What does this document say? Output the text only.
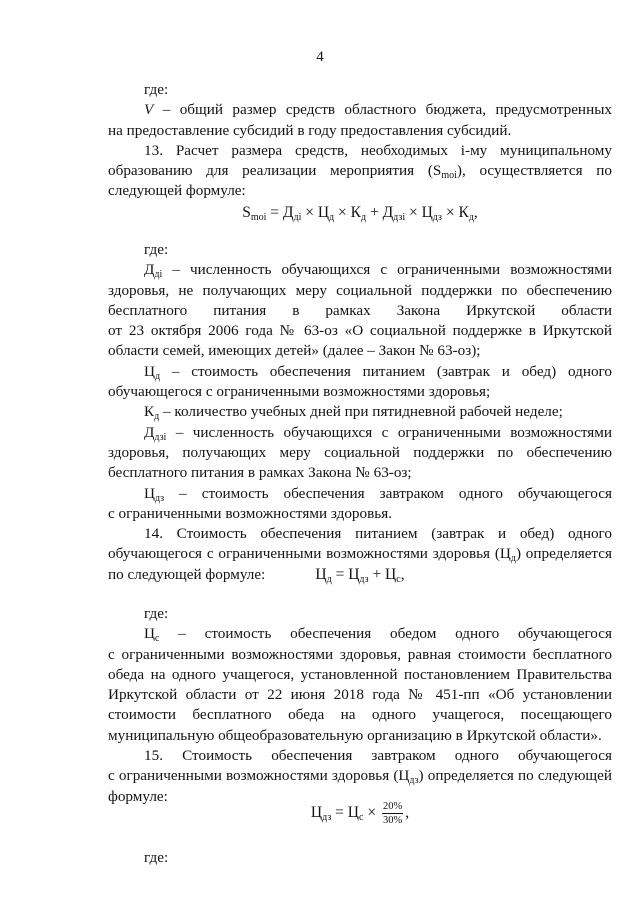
4

где:

V – общий размер средств областного бюджета, предусмотренных

на предоставление субсидий в году предоставления субсидий.

13. Расчет размера средств, необходимых i-му муниципальному

образованию для реализации мероприятия $(S_{moi})$, осуществляется по

следующей формуле:

$S_{moi} = Д_{дi} \times Ц_д \times К_д + Д_{дзi} \times Ц_{дз} \times К_д$,

где:

$Д_{дi}$ – численность обучающихся с ограниченными возможностями

здоровья, не получающих меру социальной поддержки по обеспечению

бесплатного питания в рамках Закона Иркутской области

от 23 октября 2006 года № 63-оз «О социальной поддержке в Иркутской

области семей, имеющих детей» (далее – Закон № 63-оз);

$Ц_д$ – стоимость обеспечения питанием (завтрак и обед) одного

обучающегося с ограниченными возможностями здоровья;

$К_д$ – количество учебных дней при пятидневной рабочей неделе;

$Д_{дзi}$ – численность обучающихся с ограниченными возможностями

здоровья, получающих меру социальной поддержки по обеспечению

бесплатного питания в рамках Закона № 63-оз;

$Ц_{дз}$ – стоимость обеспечения завтраком одного обучающегося

с ограниченными возможностями здоровья.

14. Стоимость обеспечения питанием (завтрак и обед) одного

обучающегося с ограниченными возможностями здоровья $(Ц_д)$ определяется

по следующей формуле:	$Ц_д = Ц_{дз} + Ц_с$,

где:

$Ц_с$ – стоимость обеспечения обедом одного обучающегося

с ограниченными возможностями здоровья, равная стоимости бесплатного

обеда на одного учащегося, установленной постановлением Правительства

Иркутской области от 22 июня 2018 года № 451-пп «Об установлении

стоимости бесплатного обеда на одного учащегося, посещающего

муниципальную общеобразовательную организацию в Иркутской области».

15. Стоимость обеспечения завтраком одного обучающегося

с ограниченными возможностями здоровья $(Ц_{дз})$ определяется по следующей

формуле:

$Ц_{дз} = Ц_с \times \frac{20\%}{30\%}$ ,

где:
